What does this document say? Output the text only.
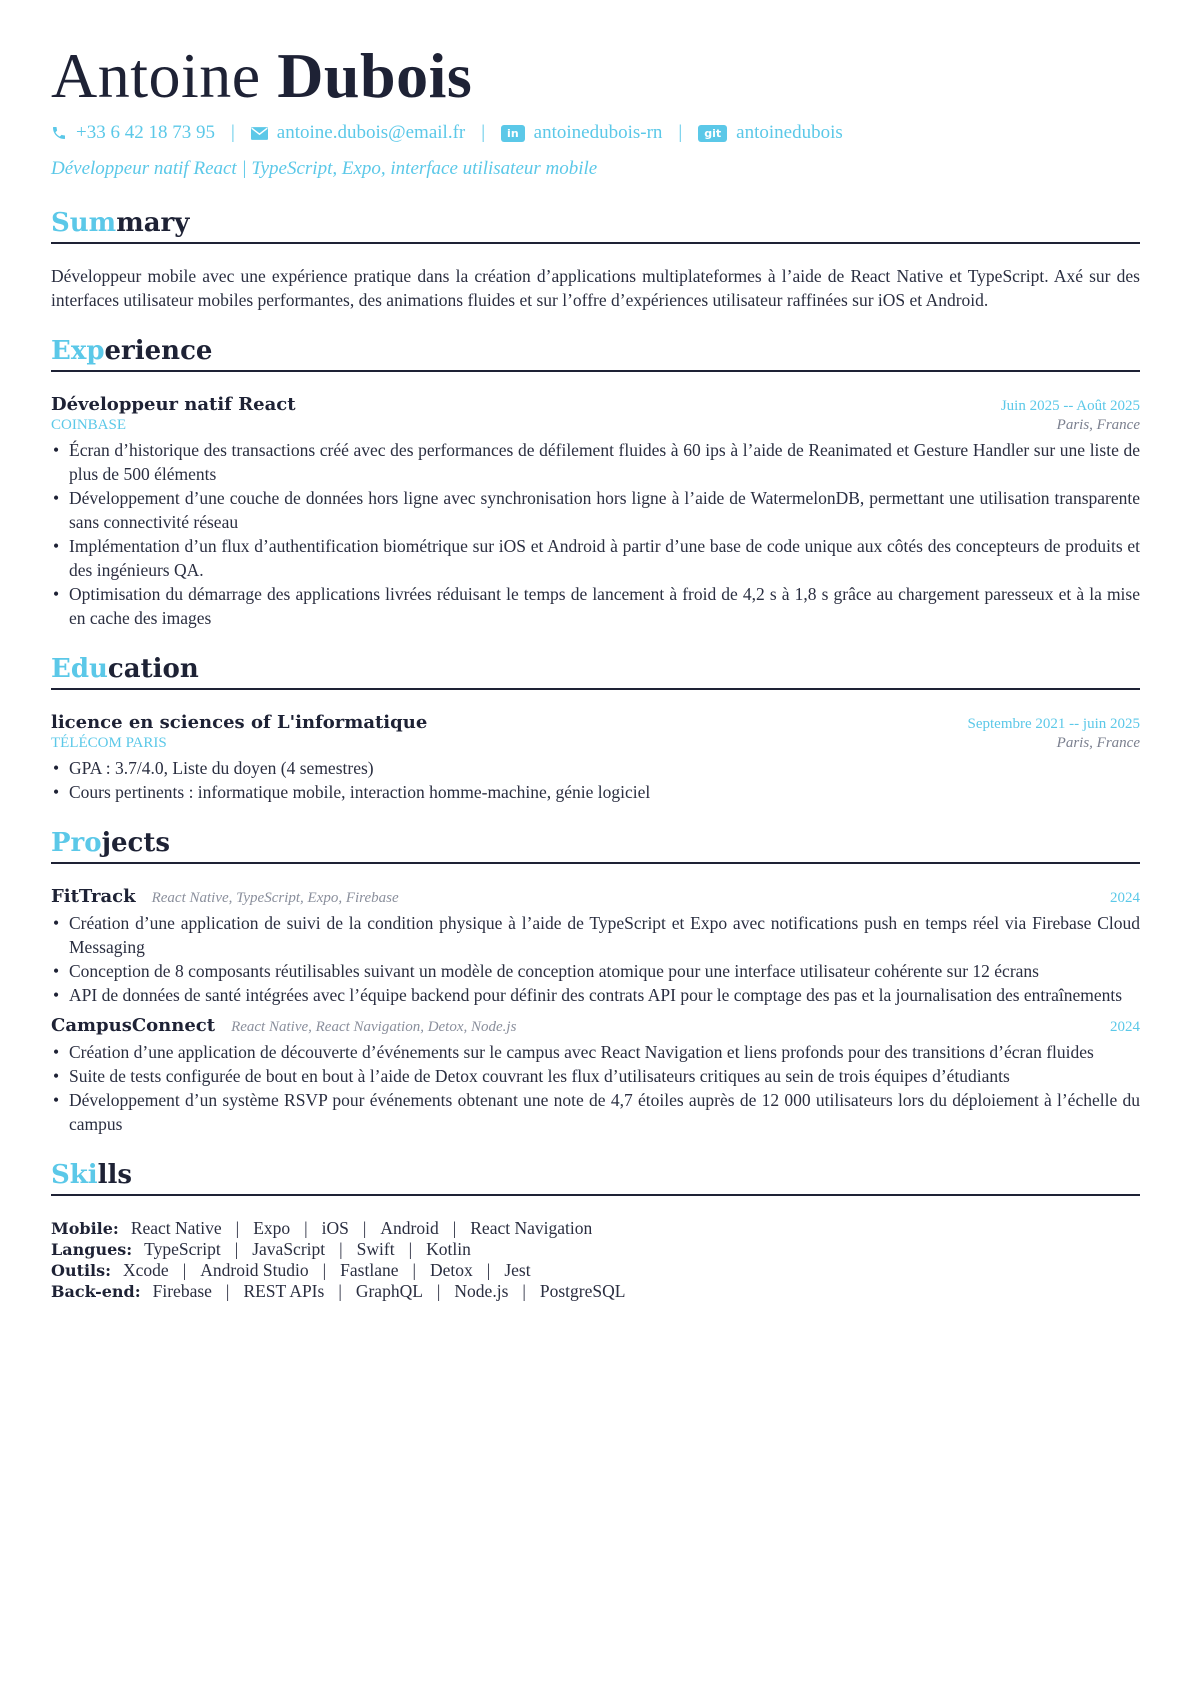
Antoine Dubois
+33 6 42 18 73 95 | antoine.dubois@email.fr |	in antoinedubois-rn |	git antoinedubois
Développeur natif React | TypeScript, Expo, interface utilisateur mobile
Summary

Développeur mobile avec une expérience pratique dans la création d’applications multiplateformes à l’aide de React Native et TypeScript. Axé sur des interfaces utilisateur mobiles performantes, des animations fluides et sur l’offre d’expériences utilisateur raffinées sur iOS et Android.

Experience
Développeur natif React	Juin 2025 -- Août 2025
COINBASE	Paris, France
• Écran d’historique des transactions créé avec des performances de défilement fluides à 60 ips à l’aide de Reanimated et Gesture Handler sur une liste de plus de 500 éléments
• Développement d’une couche de données hors ligne avec synchronisation hors ligne à l’aide de WatermelonDB, permettant une utilisation transparente sans connectivité réseau
• Implémentation d’un flux d’authentification biométrique sur iOS et Android à partir d’une base de code unique aux côtés des concepteurs de produits et des ingénieurs QA.
• Optimisation du démarrage des applications livrées réduisant le temps de lancement à froid de 4,2 s à 1,8 s grâce au chargement paresseux et à la mise en cache des images
Education
licence en sciences of L'informatique	Septembre 2021 -- juin 2025
TÉLÉCOM PARIS	Paris, France
• GPA : 3.7/4.0, Liste du doyen (4 semestres)
• Cours pertinents : informatique mobile, interaction homme-machine, génie logiciel
Projects
FitTrack React Native, TypeScript, Expo, Firebase	2024
• Création d’une application de suivi de la condition physique à l’aide de TypeScript et Expo avec notifications push en temps réel via Firebase Cloud Messaging
• Conception de 8 composants réutilisables suivant un modèle de conception atomique pour une interface utilisateur cohérente sur 12 écrans
• API de données de santé intégrées avec l’équipe backend pour définir des contrats API pour le comptage des pas et la journalisation des entraînements
CampusConnect React Native, React Navigation, Detox, Node.js	2024
• Création d’une application de découverte d’événements sur le campus avec React Navigation et liens profonds pour des transitions d’écran fluides
• Suite de tests configurée de bout en bout à l’aide de Detox couvrant les flux d’utilisateurs critiques au sein de trois équipes d’étudiants
• Développement d’un système RSVP pour événements obtenant une note de 4,7 étoiles auprès de 12 000 utilisateurs lors du déploiement à l’échelle du campus
Skills
Mobile: React Native | Expo | iOS | Android | React Navigation
Langues: TypeScript | JavaScript | Swift | Kotlin
Outils: Xcode | Android Studio | Fastlane | Detox | Jest
Back-end: Firebase | REST APIs | GraphQL | Node.js | PostgreSQL
